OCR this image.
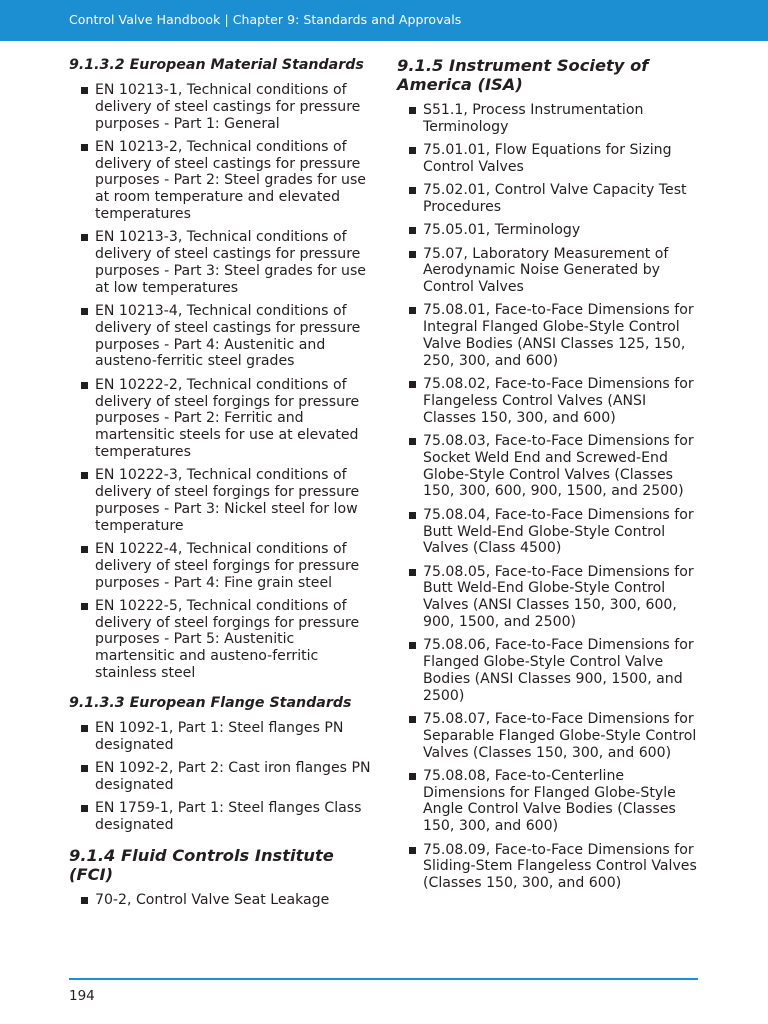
Control Valve Handbook | Chapter 9: Standards and Approvals
9.1.3.2 European Material Standards
EN 10213-1, Technical conditions of delivery of steel castings for pressure purposes - Part 1: General
EN 10213-2, Technical conditions of delivery of steel castings for pressure purposes - Part 2: Steel grades for use at room temperature and elevated temperatures
EN 10213-3, Technical conditions of delivery of steel castings for pressure purposes - Part 3: Steel grades for use at low temperatures
EN 10213-4, Technical conditions of delivery of steel castings for pressure purposes - Part 4: Austenitic and austeno-ferritic steel grades
EN 10222-2, Technical conditions of delivery of steel forgings for pressure purposes - Part 2: Ferritic and martensitic steels for use at elevated temperatures
EN 10222-3, Technical conditions of delivery of steel forgings for pressure purposes - Part 3: Nickel steel for low temperature
EN 10222-4, Technical conditions of delivery of steel forgings for pressure purposes - Part 4: Fine grain steel
EN 10222-5, Technical conditions of delivery of steel forgings for pressure purposes - Part 5: Austenitic martensitic and austeno-ferritic stainless steel
9.1.3.3 European Flange Standards
EN 1092-1, Part 1: Steel flanges PN designated
EN 1092-2, Part 2: Cast iron flanges PN designated
EN 1759-1, Part 1: Steel flanges Class designated
9.1.4 Fluid Controls Institute (FCI)
70-2, Control Valve Seat Leakage
9.1.5 Instrument Society of America (ISA)
S51.1, Process Instrumentation Terminology
75.01.01, Flow Equations for Sizing Control Valves
75.02.01, Control Valve Capacity Test Procedures
75.05.01, Terminology
75.07, Laboratory Measurement of Aerodynamic Noise Generated by Control Valves
75.08.01, Face-to-Face Dimensions for Integral Flanged Globe-Style Control Valve Bodies (ANSI Classes 125, 150, 250, 300, and 600)
75.08.02, Face-to-Face Dimensions for Flangeless Control Valves (ANSI Classes 150, 300, and 600)
75.08.03, Face-to-Face Dimensions for Socket Weld End and Screwed-End Globe-Style Control Valves (Classes 150, 300, 600, 900, 1500, and 2500)
75.08.04, Face-to-Face Dimensions for Butt Weld-End Globe-Style Control Valves (Class 4500)
75.08.05, Face-to-Face Dimensions for Butt Weld-End Globe-Style Control Valves (ANSI Classes 150, 300, 600, 900, 1500, and 2500)
75.08.06, Face-to-Face Dimensions for Flanged Globe-Style Control Valve Bodies (ANSI Classes 900, 1500, and 2500)
75.08.07, Face-to-Face Dimensions for Separable Flanged Globe-Style Control Valves (Classes 150, 300, and 600)
75.08.08, Face-to-Centerline Dimensions for Flanged Globe-Style Angle Control Valve Bodies (Classes 150, 300, and 600)
75.08.09, Face-to-Face Dimensions for Sliding-Stem Flangeless Control Valves (Classes 150, 300, and 600)
194
